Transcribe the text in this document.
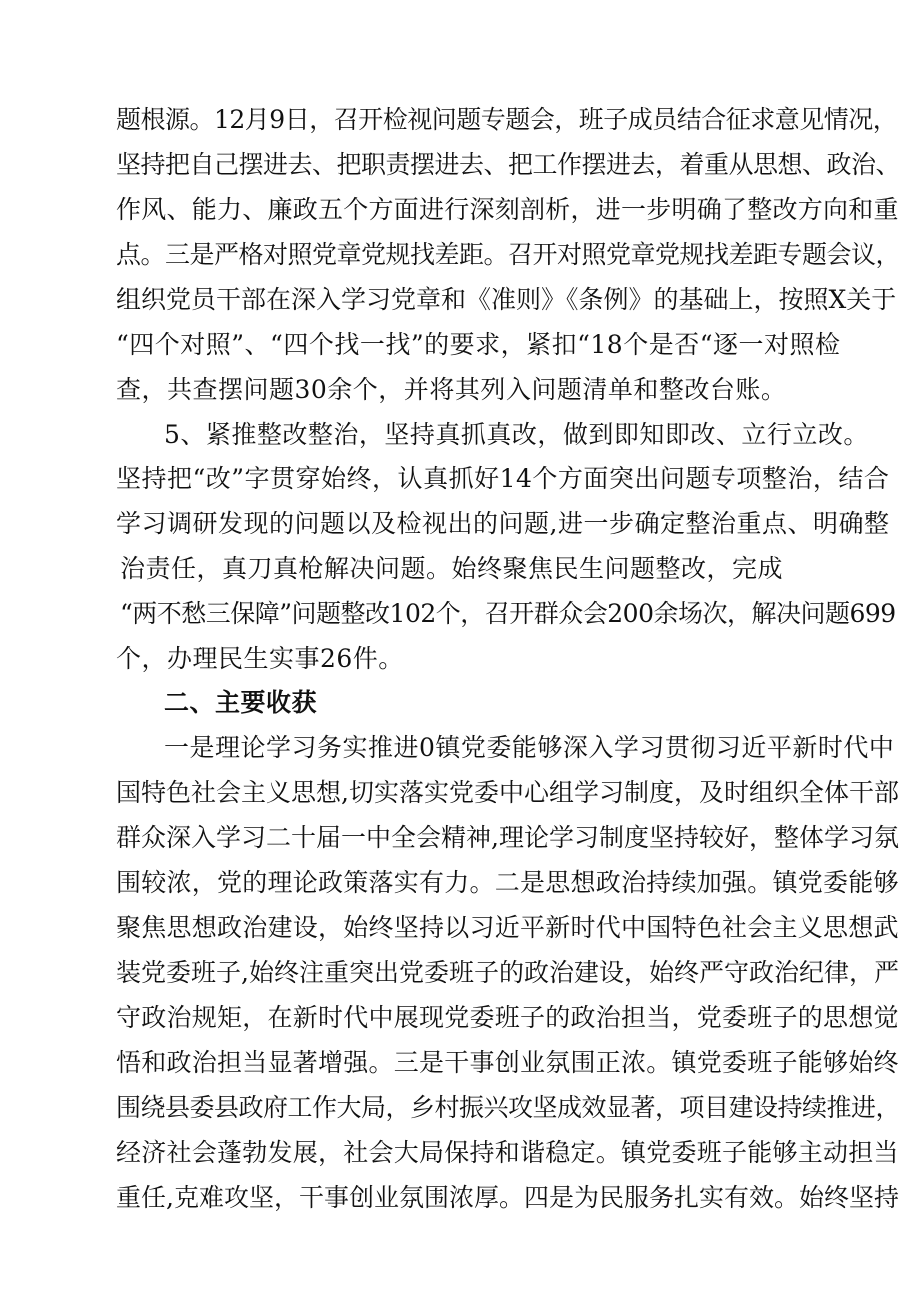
题根源。12月9日，召开检视问题专题会，班子成员结合征求意见情况，
坚持把自己摆进去、把职责摆进去、把工作摆进去，着重从思想、政治、
作风、能力、廉政五个方面进行深刻剖析，进一步明确了整改方向和重
点。三是严格对照党章党规找差距。召开对照党章党规找差距专题会议，
组织党员干部在深入学习党章和《准则》《条例》的基础上，按照X关于
“四个对照”、“四个找一找”的要求，紧扣“18个是否“逐一对照检
查，共查摆问题30余个，并将其列入问题清单和整改台账。
5、紧推整改整治，坚持真抓真改，做到即知即改、立行立改。
坚持把“改”字贯穿始终，认真抓好14个方面突出问题专项整治，结合
学习调研发现的问题以及检视出的问题,进一步确定整治重点、明确整
治责任，真刀真枪解决问题。始终聚焦民生问题整改，完成
“两不愁三保障”问题整改102个，召开群众会200余场次，解决问题699
个，办理民生实事26件。
二、主要收获
一是理论学习务实推进0镇党委能够深入学习贯彻习近平新时代中
国特色社会主义思想,切实落实党委中心组学习制度，及时组织全体干部
群众深入学习二十届一中全会精神,理论学习制度坚持较好，整体学习氛
围较浓，党的理论政策落实有力。二是思想政治持续加强。镇党委能够
聚焦思想政治建设，始终坚持以习近平新时代中国特色社会主义思想武
装党委班子,始终注重突出党委班子的政治建设，始终严守政治纪律，严
守政治规矩，在新时代中展现党委班子的政治担当，党委班子的思想觉
悟和政治担当显著增强。三是干事创业氛围正浓。镇党委班子能够始终
围绕县委县政府工作大局，乡村振兴攻坚成效显著，项目建设持续推进，
经济社会蓬勃发展，社会大局保持和谐稳定。镇党委班子能够主动担当
重任,克难攻坚，干事创业氛围浓厚。四是为民服务扎实有效。始终坚持
